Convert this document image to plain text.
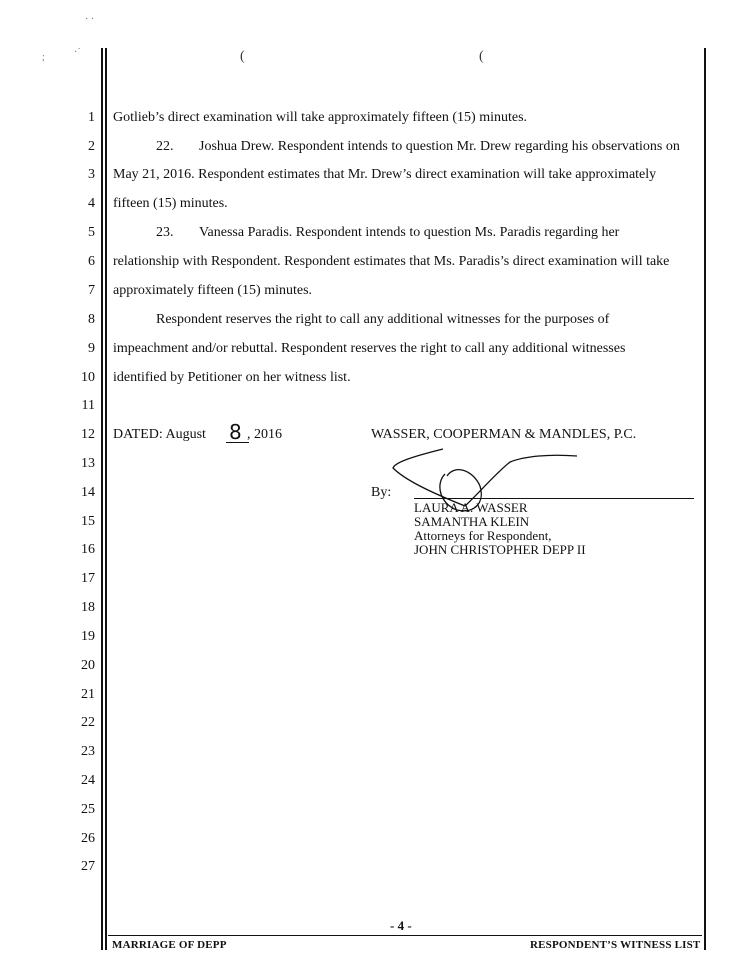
· ·
;	·˙	(	(
1
2
3
4
5
6
7
8
9
10
11
12
13
14
15
16
17
18
19
20
21
22
23
24
25
26
27
Gotlieb’s direct examination will take approximately fifteen (15) minutes.
22. Joshua Drew. Respondent intends to question Mr. Drew regarding his observations on
May 21, 2016. Respondent estimates that Mr. Drew’s direct examination will take approximately
fifteen (15) minutes.
23. Vanessa Paradis. Respondent intends to question Ms. Paradis regarding her
relationship with Respondent. Respondent estimates that Ms. Paradis’s direct examination will take
approximately fifteen (15) minutes.
Respondent reserves the right to call any additional witnesses for the purposes of
impeachment and/or rebuttal. Respondent reserves the right to call any additional witnesses
identified by Petitioner on her witness list.
DATED: August 8 , 2016	WASSER, COOPERMAN & MANDLES, P.C.
By:
LAURA A. WASSER
SAMANTHA KLEIN
Attorneys for Respondent,
JOHN CHRISTOPHER DEPP II
- 4 -
MARRIAGE OF DEPP	RESPONDENT’S WITNESS LIST
